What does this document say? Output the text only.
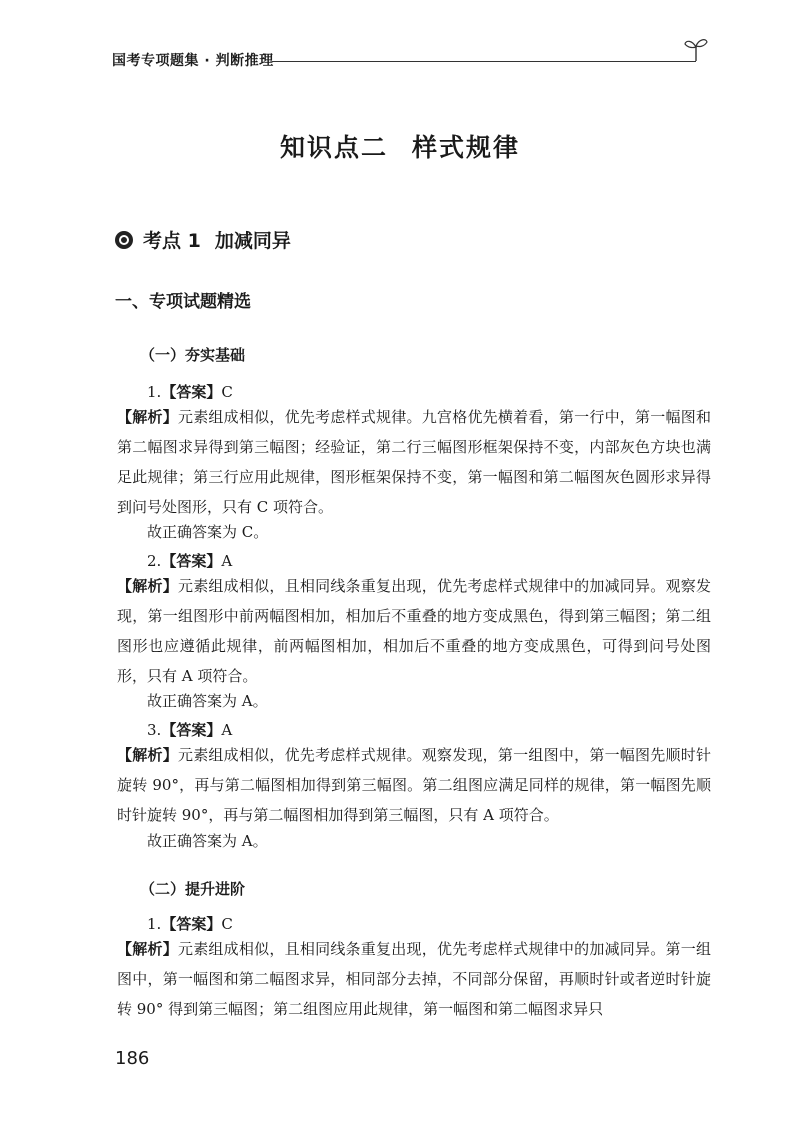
国考专项题集 · 判断推理
知识点二 样式规律
考点 1 加减同异
一、专项试题精选
（一）夯实基础
1.【答案】C
【解析】元素组成相似，优先考虑样式规律。九宫格优先横着看，第一行中，第一幅图和第二幅图求异得到第三幅图；经验证，第二行三幅图形框架保持不变，内部灰色方块也满足此规律；第三行应用此规律，图形框架保持不变，第一幅图和第二幅图灰色圆形求异得到问号处图形，只有 C 项符合。
故正确答案为 C。
2.【答案】A
【解析】元素组成相似，且相同线条重复出现，优先考虑样式规律中的加减同异。观察发现，第一组图形中前两幅图相加，相加后不重叠的地方变成黑色，得到第三幅图；第二组图形也应遵循此规律，前两幅图相加，相加后不重叠的地方变成黑色，可得到问号处图形，只有 A 项符合。
故正确答案为 A。
3.【答案】A
【解析】元素组成相似，优先考虑样式规律。观察发现，第一组图中，第一幅图先顺时针旋转 90°，再与第二幅图相加得到第三幅图。第二组图应满足同样的规律，第一幅图先顺时针旋转 90°，再与第二幅图相加得到第三幅图，只有 A 项符合。
故正确答案为 A。
（二）提升进阶
1.【答案】C
【解析】元素组成相似，且相同线条重复出现，优先考虑样式规律中的加减同异。第一组图中，第一幅图和第二幅图求异，相同部分去掉，不同部分保留，再顺时针或者逆时针旋转 90° 得到第三幅图；第二组图应用此规律，第一幅图和第二幅图求异只
186
